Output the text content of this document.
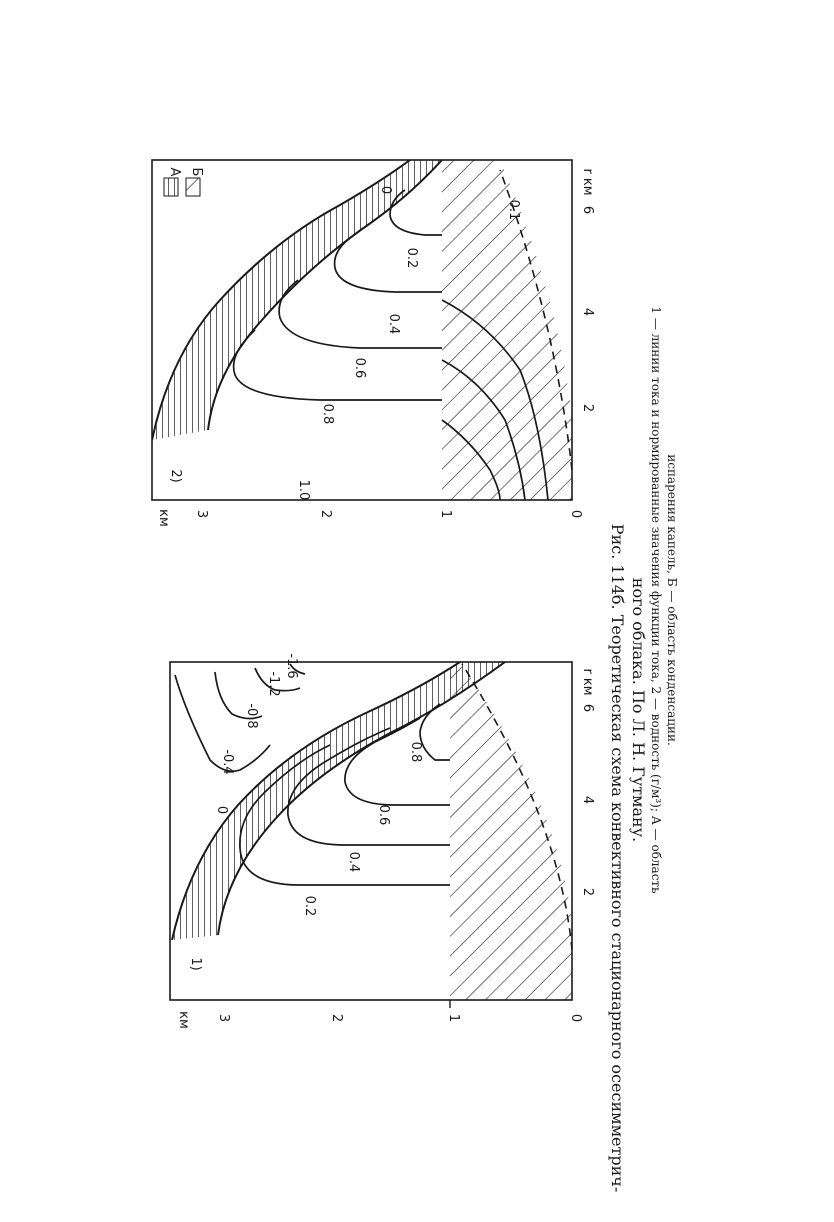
0
1
2
3
км
2
4
6
r км
1)
0.2
0.4
0.6
0.8
0
-0.4
-0.8
-1.2
-1.6
А Б
0
1
2
3
км
2
4
6
r км
2)
1.0
0.8
0.6
0.4
0.2
0
0.1
Рис. 114б. Теоретическая схема конвективного стационарного осесимметрич- ного облака. По Л. Н. Гутману. 1 — линии тока и нормированные значения функции тока, 2 — водность (г/м³); А — область испарения капель, Б — область конденсации.
